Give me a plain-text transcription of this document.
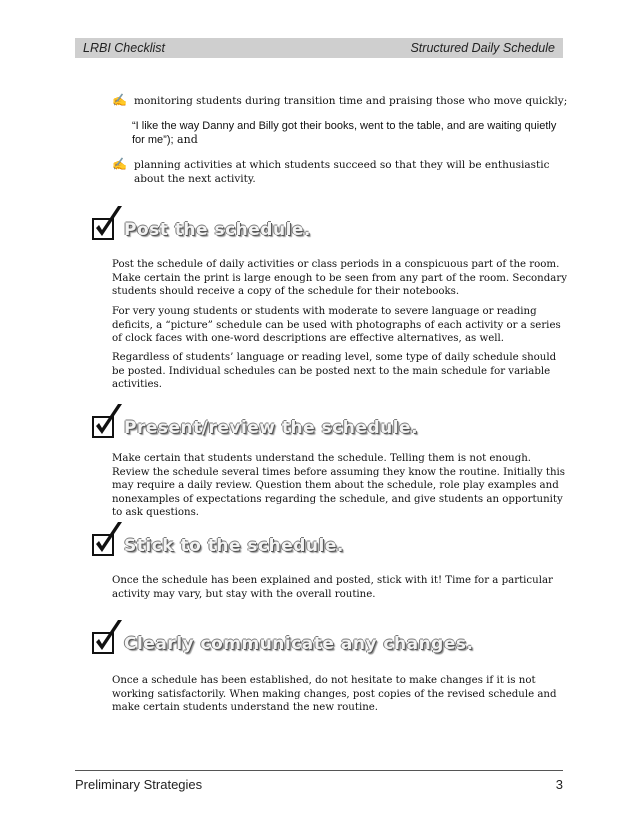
LRBI Checklist	Structured Daily Schedule
✍ monitoring students during transition time and praising those who move quickly;
“I like the way Danny and Billy got their books, went to the table, and are waiting quietly for me”); and
✍ planning activities at which students succeed so that they will be enthusiastic about the next activity.
Post the schedule.
Post the schedule of daily activities or class periods in a conspicuous part of the room. Make certain the print is large enough to be seen from any part of the room. Secondary students should receive a copy of the schedule for their notebooks.
For very young students or students with moderate to severe language or reading deficits, a “picture” schedule can be used with photographs of each activity or a series of clock faces with one-word descriptions are effective alternatives, as well.
Regardless of students’ language or reading level, some type of daily schedule should be posted. Individual schedules can be posted next to the main schedule for variable activities.
Present/review the schedule.
Make certain that students understand the schedule. Telling them is not enough. Review the schedule several times before assuming they know the routine. Initially this may require a daily review. Question them about the schedule, role play examples and nonexamples of expectations regarding the schedule, and give students an opportunity to ask questions.
Stick to the schedule.
Once the schedule has been explained and posted, stick with it! Time for a particular activity may vary, but stay with the overall routine.
Clearly communicate any changes.
Once a schedule has been established, do not hesitate to make changes if it is not working satisfactorily. When making changes, post copies of the revised schedule and make certain students understand the new routine.
Preliminary Strategies	3
